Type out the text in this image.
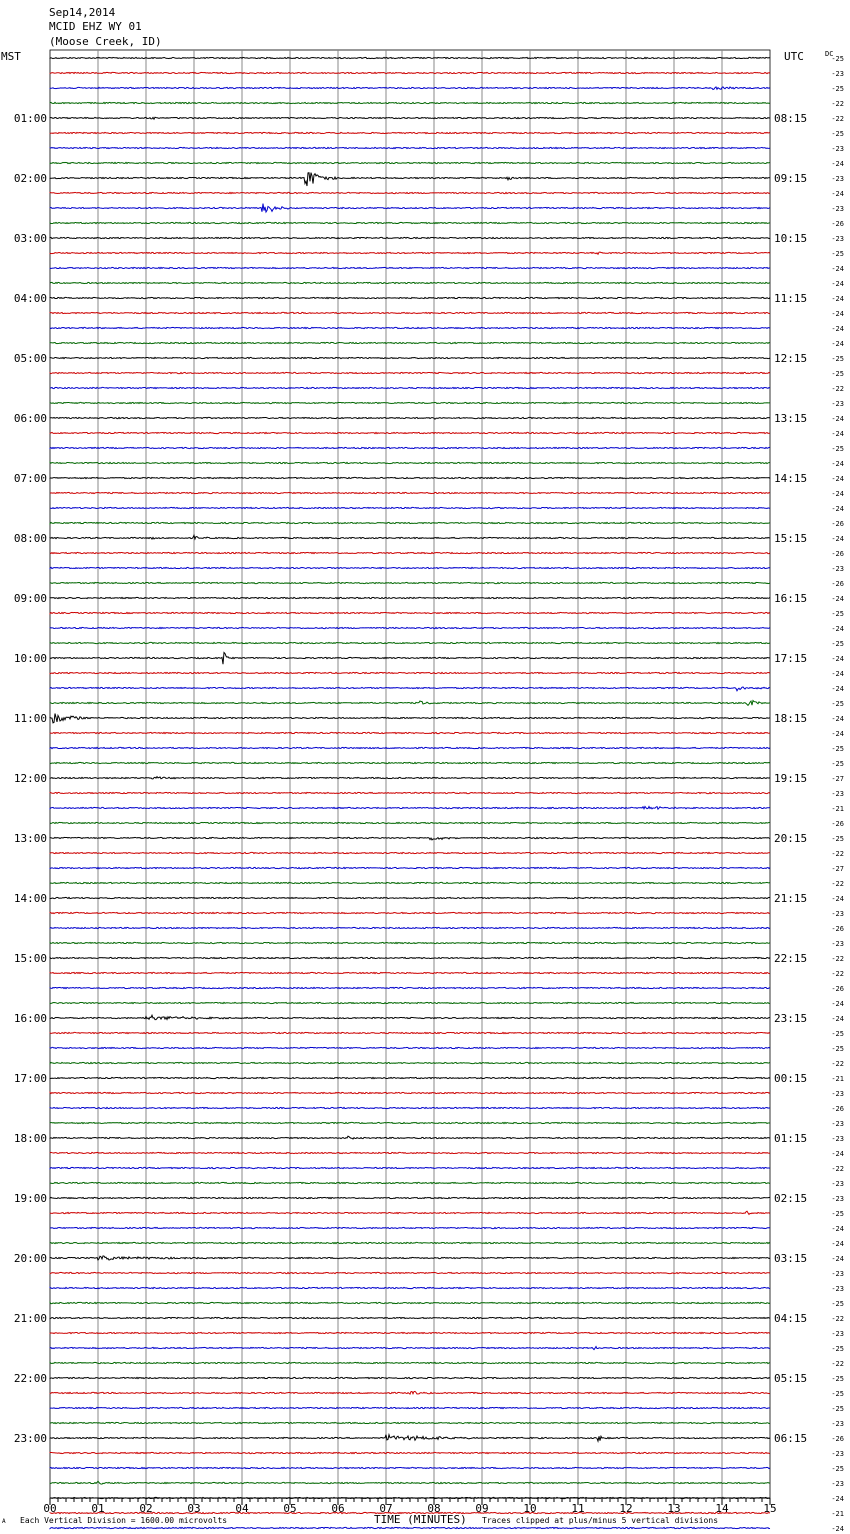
Sep14,2014
MCID EHZ WY 01
(Moose Creek, ID)
MST	UTC	DC
-25
-23
-25
-22
-22
-25
-23
-24
-23
-24
-23
-26
-23
-25
-24
-24
-24
-24
-24
-24
-25
-25
-22
-23
-24
-24
-25
-24
-24
-24
-24
-26
-24
-26
-23
-26
-24
-25
-24
-25
-24
-24
-24
-25
-24
-24
-25
-25
-27
-23
-21
-26
-25
-22
-27
-22
-24
-23
-26
-23
-22
-22
-26
-24
-24
-25
-25
-22
-21
-23
-26
-23
-23
-24
-22
-23
-23
-25
-24
-24
-24
-23
-23
-25
-22
-23
-25
-22
-25
-25
-25
-23
-26
-23
-25
-23
-24
-21
-24
01:00
02:00
03:00
04:00
05:00
06:00
07:00
08:00
09:00
10:00
11:00
12:00
13:00
14:00
15:00
16:00
17:00
18:00
19:00
20:00
21:00
22:00
23:00
08:15
09:15
10:15
11:15
12:15
13:15
14:15
15:15
16:15
17:15
18:15
19:15
20:15
21:15
22:15
23:15
00:15
01:15
02:15
03:15
04:15
05:15
06:15
00	01	02	03	04	05	06	07	08	09	10	11	12	13	14	15
A Each Vertical Division = 1600.00 microvolts	TIME (MINUTES) Traces clipped at plus/minus 5 vertical divisions
